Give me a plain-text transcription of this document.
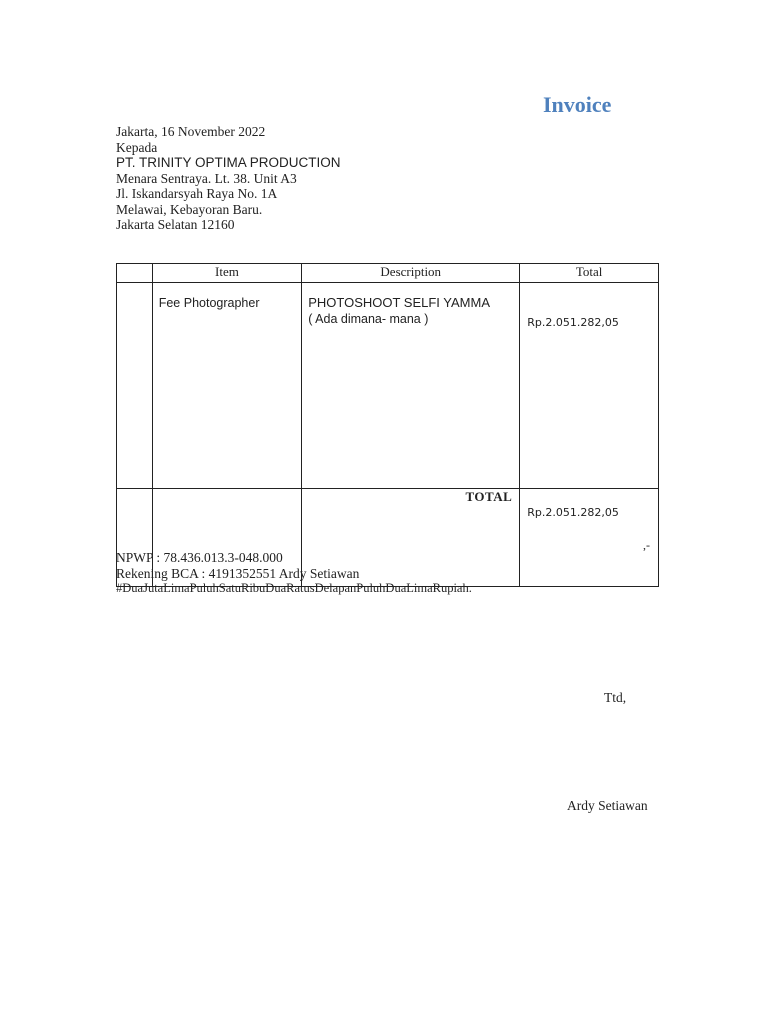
Invoice
Jakarta, 16 November 2022
Kepada
PT. TRINITY OPTIMA PRODUCTION
Menara Sentraya. Lt. 38. Unit A3
Jl. Iskandarsyah Raya No. 1A
Melawai, Kebayoran Baru.
Jakarta Selatan 12160
	Item	Description	Total
	Fee Photographer	PHOTOSHOOT SELFI YAMMA
( Ada dimana- mana )	Rp.2.051.282,05

		TOTAL	Rp.2.051.282,05
,-
NPWP : 78.436.013.3-048.000
Rekening BCA : 4191352551 Ardy Setiawan
#DuaJutaLimaPuluhSatuRibuDuaRatusDelapanPuluhDuaLimaRupiah.
Ttd,
Ardy Setiawan
